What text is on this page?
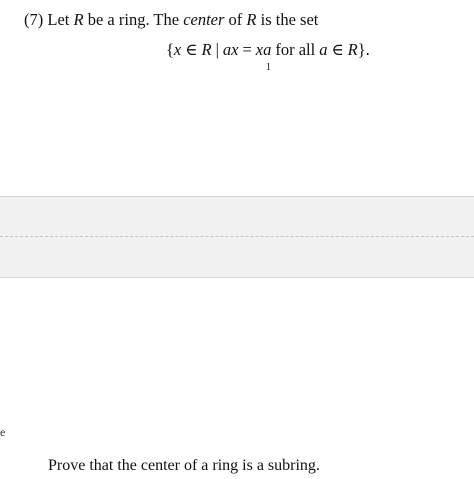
(7) Let R be a ring. The center of R is the set
{x ∈ R | ax = xa for all a ∈ R}.
1
e
Prove that the center of a ring is a subring.
